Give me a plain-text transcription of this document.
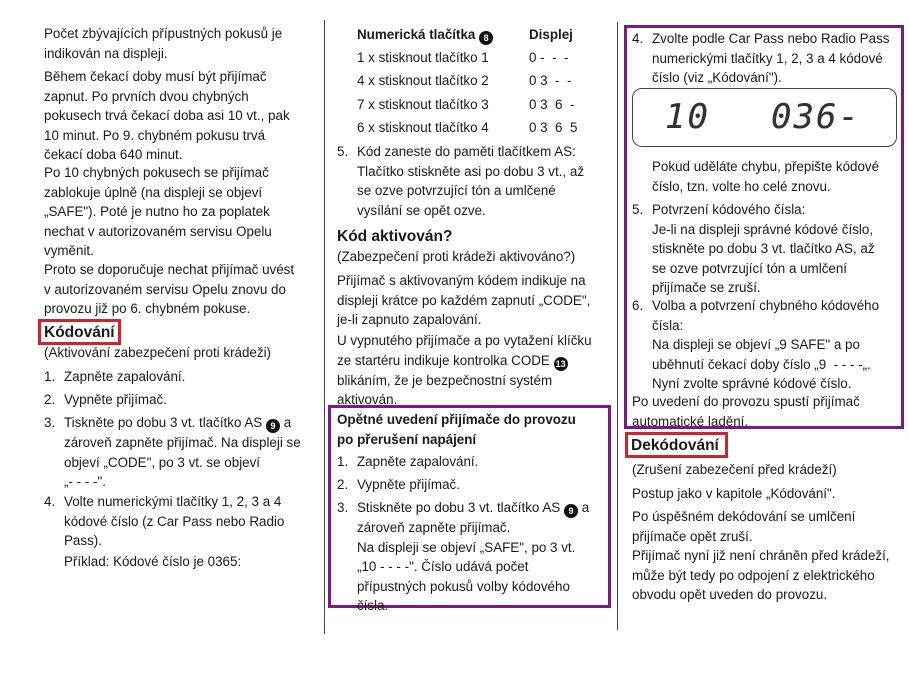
Počet zbývajících přípustných pokusů je
indikován na displeji.
Během čekací doby musí být přijímač
zapnut. Po prvních dvou chybných
pokusech trvá čekací doba asi 10 vt., pak
10 minut. Po 9. chybném pokusu trvá
čekací doba 640 minut.
Po 10 chybných pokusech se přijímač
zablokuje úplně (na displeji se objeví
„SAFE"). Poté je nutno ho za poplatek
nechat v autorizovaném servisu Opelu
vyměnit.
Proto se doporučuje nechat přijímač uvést
v autorizovaném servisu Opelu znovu do
provozu již po 6. chybném pokuse.
Kódování
(Aktivování zabezpečení proti krádeži)
1. Zapněte zapalování.
2. Vypněte přijímač.
3. Tiskněte po dobu 3 vt. tlačítko AS 9 a
zároveň zapněte přijímač. Na displeji se
objeví „CODE", po 3 vt. se objeví
„- - - -".
4. Volte numerickými tlačítky 1, 2, 3 a 4
kódové číslo (z Car Pass nebo Radio
Pass).
Příklad: Kódové číslo je 0365:
Numerická tlačítka 8	Displej
1 x stisknout tlačítko 1	0 -  -  -
4 x stisknout tlačítko 2	0 3  -  -
7 x stisknout tlačítko 3	0 3  6  -
6 x stisknout tlačítko 4	0 3  6  5
5. Kód zaneste do paměti tlačítkem AS:
Tlačítko stiskněte asi po dobu 3 vt., až
se ozve potvrzující tón a umlčené
vysílání se opět ozve.
Kód aktivován?
(Zabezpečení proti krádeži aktivováno?)
Přijímač s aktivovaným kódem indikuje na
displeji krátce po každém zapnutí „CODE",
je-li zapnuto zapalování.
U vypnutého přijímače a po vytažení klíčku
ze startéru indikuje kontrolka CODE 13
blikáním, že je bezpečnostní systém
aktivován.
Opětné uvedení přijímače do provozu
po přerušení napájení
1. Zapněte zapalování.
2. Vypněte přijímač.
3. Stiskněte po dobu 3 vt. tlačítko AS 9 a
zároveň zapněte přijímač.
Na displeji se objeví „SAFE", po 3 vt.
„10 - - - -". Číslo udává počet
přípustných pokusů volby kódového
čísla.
4. Zvolte podle Car Pass nebo Radio Pass
numerickými tlačítky 1, 2, 3 a 4 kódové
číslo (viz „Kódování").
10 036-
Pokud uděláte chybu, přepište kódové
číslo, tzn. volte ho celé znovu.
5. Potvrzení kódového čísla:
Je-li na displeji správné kódové číslo,
stiskněte po dobu 3 vt. tlačítko AS, až
se ozve potvrzující tón a umlčení
přijímače se zruší.
6. Volba a potvrzení chybného kódového
čísla:
Na displeji se objeví „9 SAFE" a po
uběhnutí čekací doby číslo „9  - - - -„.
Nyní zvolte správné kódové číslo.
Po uvedení do provozu spustí přijímač
automatické ladění.
Dekódování
(Zrušení zabezečení před krádeží)
Postup jako v kapitole „Kódování".
Po úspěšném dekódování se umlčení
přijímače opět zruší.
Přijímač nyní již není chráněn před krádeží,
může být tedy po odpojení z elektrického
obvodu opět uveden do provozu.
